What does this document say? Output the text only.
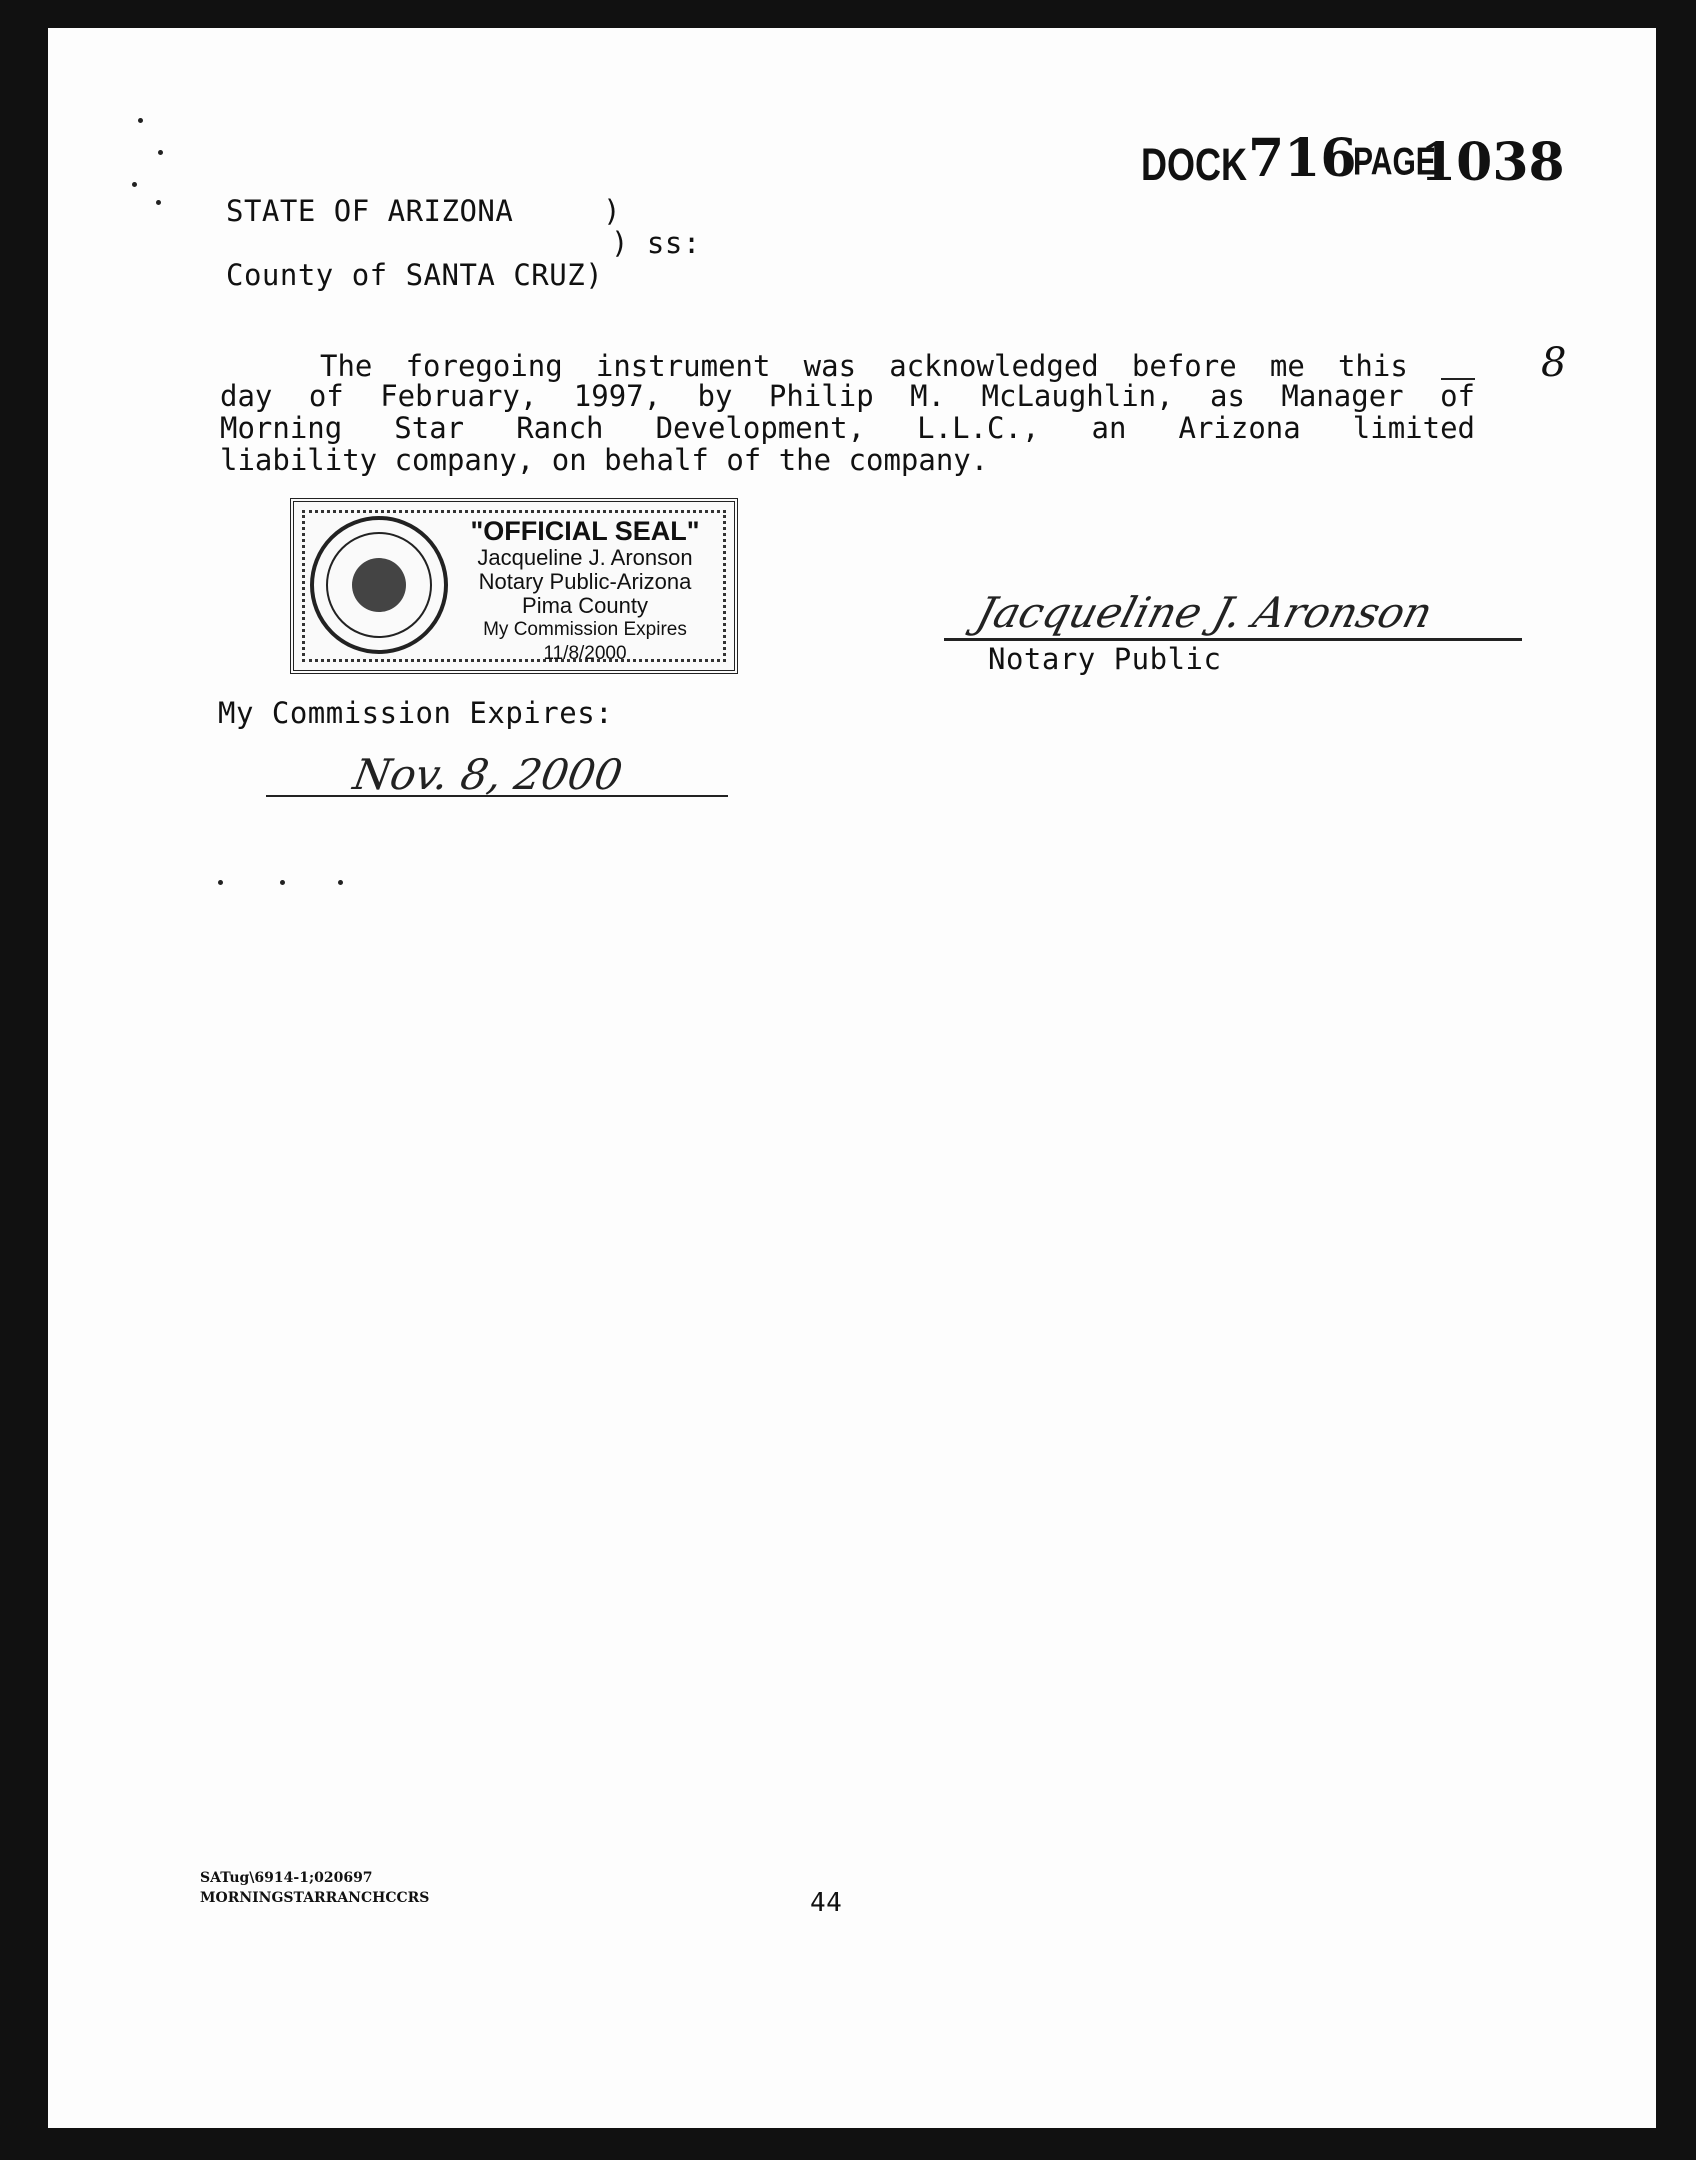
DOCK 716
PAGE
1038
STATE OF ARIZONA     )
) ss:
County of SANTA CRUZ)
The foregoing instrument was acknowledged before me this	8
day of February, 1997, by Philip M. McLaughlin, as Manager of
Morning Star Ranch Development, L.L.C., an Arizona limited
liability company, on behalf of the company.
"OFFICIAL SEAL"
Jacqueline J. Aronson
Notary Public-Arizona
Pima County
My Commission Expires 11/8/2000
Jacqueline J. Aronson
Notary Public
My Commission Expires:
Nov. 8, 2000
SATug\6914-1;020697
MORNINGSTARRANCHCCRS	44
